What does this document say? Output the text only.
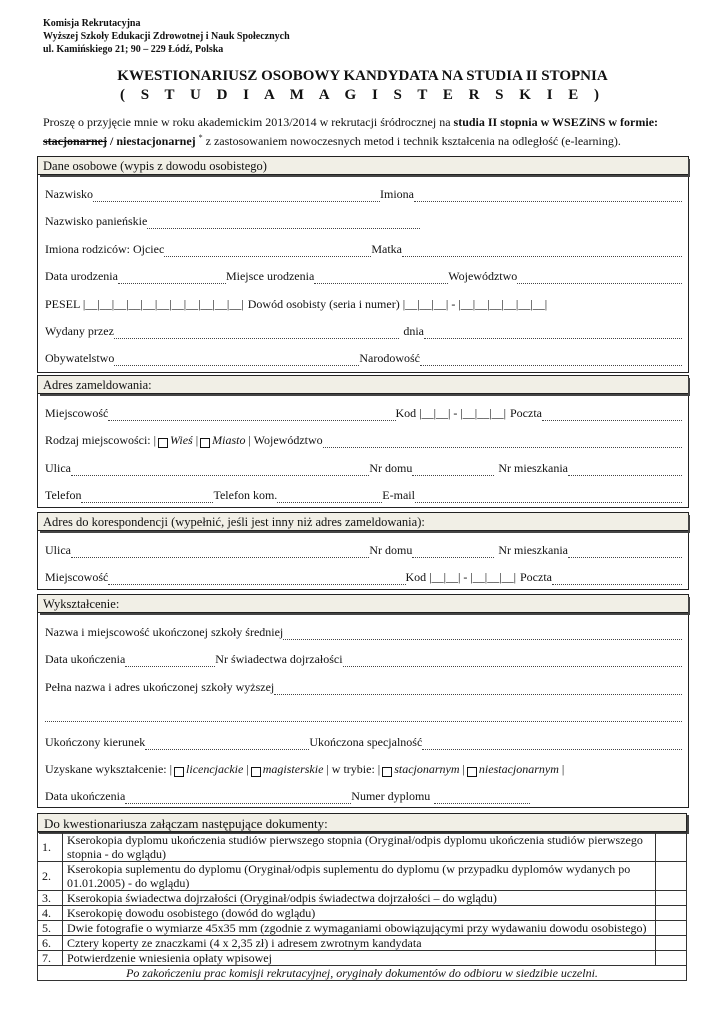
Komisja Rekrutacyjna
Wyższej Szkoły Edukacji Zdrowotnej i Nauk Społecznych
ul. Kamińskiego 21; 90 – 229 Łódź, Polska
KWESTIONARIUSZ OSOBOWY KANDYDATA NA STUDIA II STOPNIA
( S T U D I A M A G I S T E R S K I E )
Proszę o przyjęcie mnie w roku akademickim 2013/2014 w rekrutacji śródrocznej na studia II stopnia w WSEZiNS w formie:
stacjonarnej / niestacjonarnej * z zastosowaniem nowoczesnych metod i technik kształcenia na odległość (e-learning).
Dane osobowe (wypis z dowodu osobistego)
Nazwisko	Imiona
Nazwisko panieńskie
Imiona rodziców: Ojciec	Matka
Data urodzenia	Miejsce urodzenia	Województwo
PESEL |__|__|__|__|__|__|__|__|__|__|__| Dowód osobisty (seria i numer) |__|__|__| - |__|__|__|__|__|__|
Wydany przez	dnia
Obywatelstwo	Narodowość
Adres zameldowania:
Miejscowość	Kod |__|__| - |__|__|__| Poczta
Rodzaj miejscowości: | Wieś | Miasto | Województwo
Ulica	Nr domu	Nr mieszkania
Telefon	Telefon kom.	E-mail
Adres do korespondencji (wypełnić, jeśli jest inny niż adres zameldowania):
Ulica	Nr domu	Nr mieszkania
Miejscowość	Kod |__|__| - |__|__|__| Poczta
Wykształcenie:
Nazwa i miejscowość ukończonej szkoły średniej
Data ukończenia	Nr świadectwa dojrzałości
Pełna nazwa i adres ukończonej szkoły wyższej
Ukończony kierunek	Ukończona specjalność
Uzyskane wykształcenie: | licencjackie | magisterskie | w trybie: | stacjonarnym | niestacjonarnym |
Data ukończenia	Numer dyplomu
Do kwestionariusza załączam następujące dokumenty:
1.	Kserokopia dyplomu ukończenia studiów pierwszego stopnia (Oryginał/odpis dyplomu ukończenia studiów pierwszego stopnia - do wglądu)	
2.	Kserokopia suplementu do dyplomu (Oryginał/odpis suplementu do dyplomu (w przypadku dyplomów wydanych po 01.01.2005) - do wglądu)	
3.	Kserokopia świadectwa dojrzałości (Oryginał/odpis świadectwa dojrzałości – do wglądu)	
4.	Kserokopię dowodu osobistego (dowód do wglądu)	
5.	Dwie fotografie o wymiarze 45x35 mm (zgodnie z wymaganiami obowiązującymi przy wydawaniu dowodu osobistego)	
6.	Cztery koperty ze znaczkami (4 x 2,35 zł) i adresem zwrotnym kandydata	
7.	Potwierdzenie wniesienia opłaty wpisowej	
Po zakończeniu prac komisji rekrutacyjnej, oryginały dokumentów do odbioru w siedzibie uczelni.		
